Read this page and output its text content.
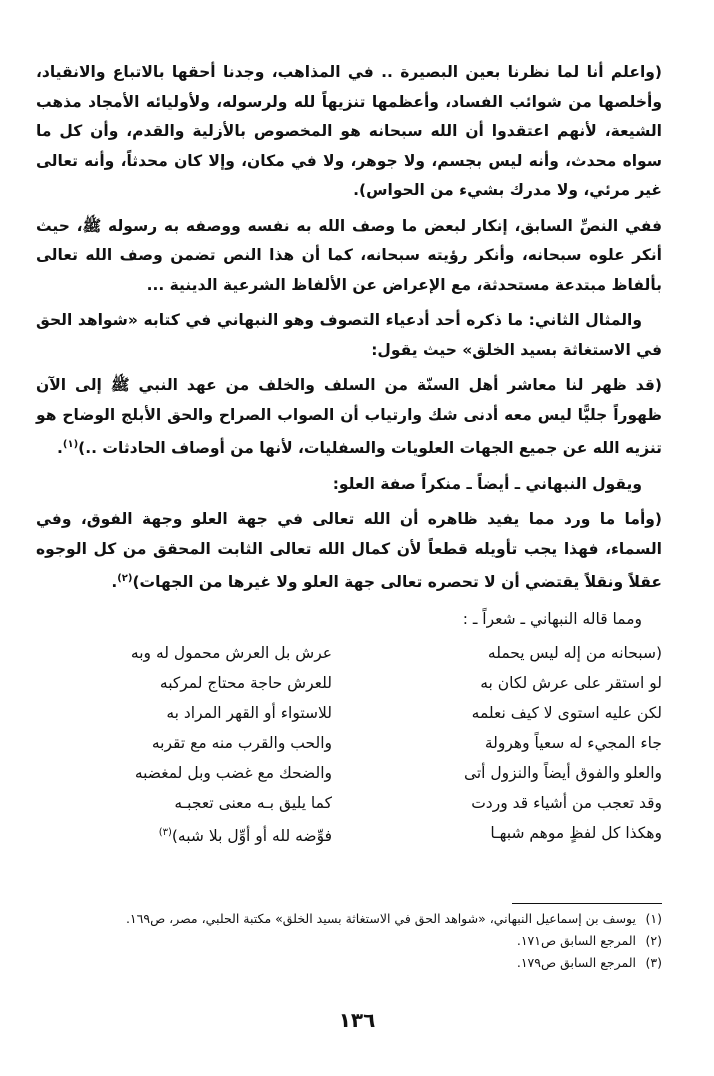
(واعلم أنا لما نظرنا بعين البصيرة .. في المذاهب، وجدنا أحقها بالاتباع والانقياد، وأخلصها من شوائب الفساد، وأعظمها تنزيهاً لله ولرسوله، ولأوليائه الأمجاد مذهب الشيعة، لأنهم اعتقدوا أن الله سبحانه هو المخصوص بالأزلية والقدم، وأن كل ما سواه محدث، وأنه ليس بجسم، ولا جوهر، ولا في مكان، وإلا كان محدثاً، وأنه تعالى غير مرئي، ولا مدرك بشيء من الحواس).

ففي النصِّ السابق، إنكار لبعض ما وصف الله به نفسه ووصفه به رسوله ﷺ، حيث أنكر علوه سبحانه، وأنكر رؤيته سبحانه، كما أن هذا النص تضمن وصف الله تعالى بألفاظ مبتدعة مستحدثة، مع الإعراض عن الألفاظ الشرعية الدينية ...

والمثال الثاني: ما ذكره أحد أدعياء التصوف وهو النبهاني في كتابه «شواهد الحق في الاستغاثة بسيد الخلق» حيث يقول:

(قد ظهر لنا معاشر أهل السنّة من السلف والخلف من عهد النبي ﷺ إلى الآن ظهوراً جليًّا ليس معه أدنى شك وارتياب أن الصواب الصراح والحق الأبلج الوضاح هو تنزيه الله عن جميع الجهات العلويات والسفليات، لأنها من أوصاف الحادثات ..)$^{(١)}$.

ويقول النبهاني ـ أيضاً ـ منكراً صفة العلو:

(وأما ما ورد مما يفيد ظاهره أن الله تعالى في جهة العلو وجهة الفوق، وفي السماء، فهذا يجب تأويله قطعاً لأن كمال الله تعالى الثابت المحقق من كل الوجوه عقلاً ونقلاً يقتضي أن لا تحصره تعالى جهة العلو ولا غيرها من الجهات)$^{(٢)}$.

ومما قاله النبهاني ـ شعراً ـ :
(سبحانه من إله ليس يحمله
لو استقر على عرش لكان به
لكن عليه استوى لا كيف نعلمه
جاء المجيء له سعياً وهرولة
والعلو والفوق أيضاً والنزول أتى
وقد تعجب من أشياء قد وردت
وهكذا كل لفظٍ موهم شبهـا
عرش بل العرش محمول له وبه
للعرش حاجة محتاج لمركبه
للاستواء أو القهر المراد به
والحب والقرب منه مع تقربه
والضحك مع غضب وبل لمغضبه
كما يليق بـه معنى تعجبـه
فوِّضه لله أو أوِّل بلا شبه)$^{(٣)}$
(١)يوسف بن إسماعيل النبهاني، «شواهد الحق في الاستغاثة بسيد الخلق» مكتبة الحلبي، مصر، ص١٦٩.
(٢)المرجع السابق ص١٧١.
(٣)المرجع السابق ص١٧٩.
١٣٦
